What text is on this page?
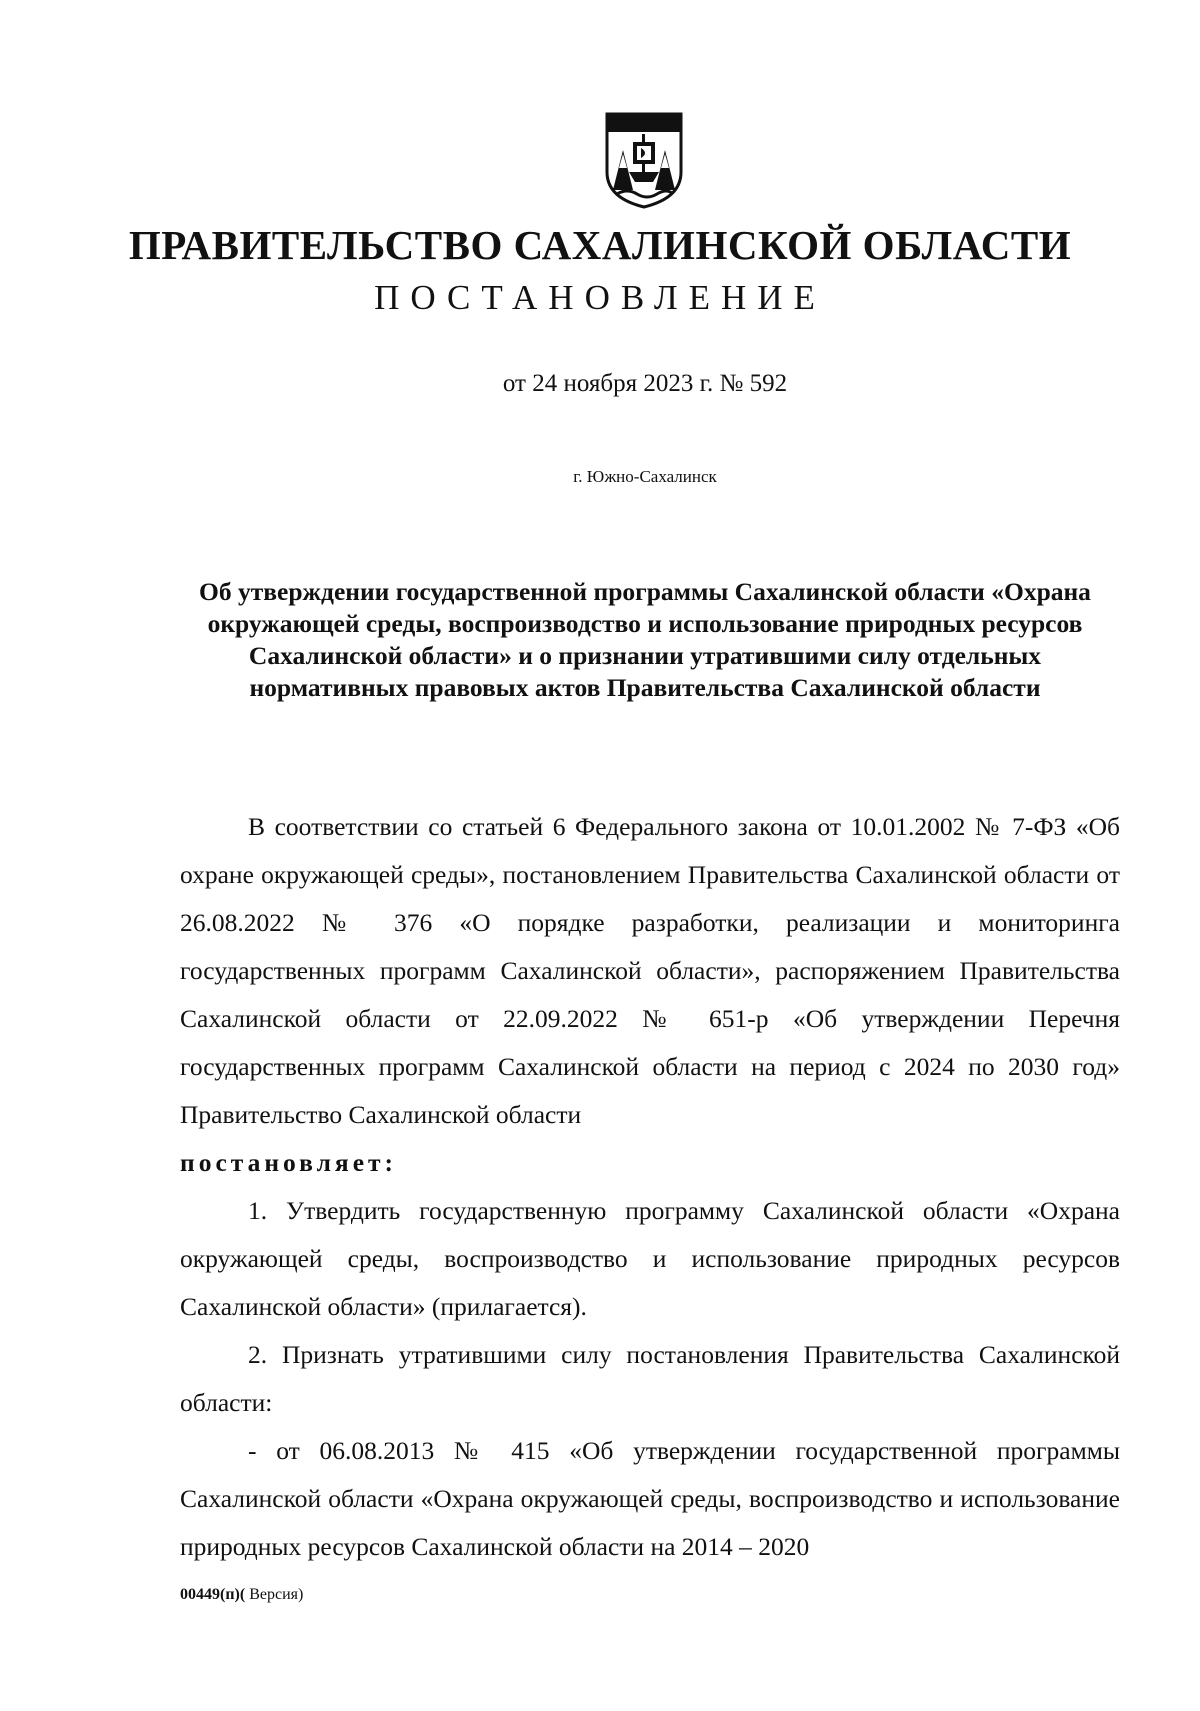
ПРАВИТЕЛЬСТВО САХАЛИНСКОЙ ОБЛАСТИ
ПОСТАНОВЛЕНИЕ
от 24 ноября 2023 г. № 592
г. Южно-Сахалинск
Об утверждении государственной программы Сахалинской области «Охрана окружающей среды, воспроизводство и использование природных ресурсов Сахалинской области» и о признании утратившими силу отдельных нормативных правовых актов Правительства Сахалинской области

В соответствии со статьей 6 Федерального закона от 10.01.2002 № 7-ФЗ «Об охране окружающей среды», постановлением Правительства Сахалинской области от 26.08.2022 № 376 «О порядке разработки, реализации и мониторинга государственных программ Сахалинской области», распоряжением Правительства Сахалинской области от 22.09.2022 № 651-р «Об утверждении Перечня государственных программ Сахалинской области на период с 2024 по 2030 год» Правительство Сахалинской области

постановляет:

1. Утвердить государственную программу Сахалинской области «Охрана окружающей среды, воспроизводство и использование природных ресурсов Сахалинской области» (прилагается).

2. Признать утратившими силу постановления Правительства Сахалинской области:

- от 06.08.2013 № 415 «Об утверждении государственной программы Сахалинской области «Охрана окружающей среды, воспроизводство и использование природных ресурсов Сахалинской области на 2014 – 2020

00449(п)( Версия)
